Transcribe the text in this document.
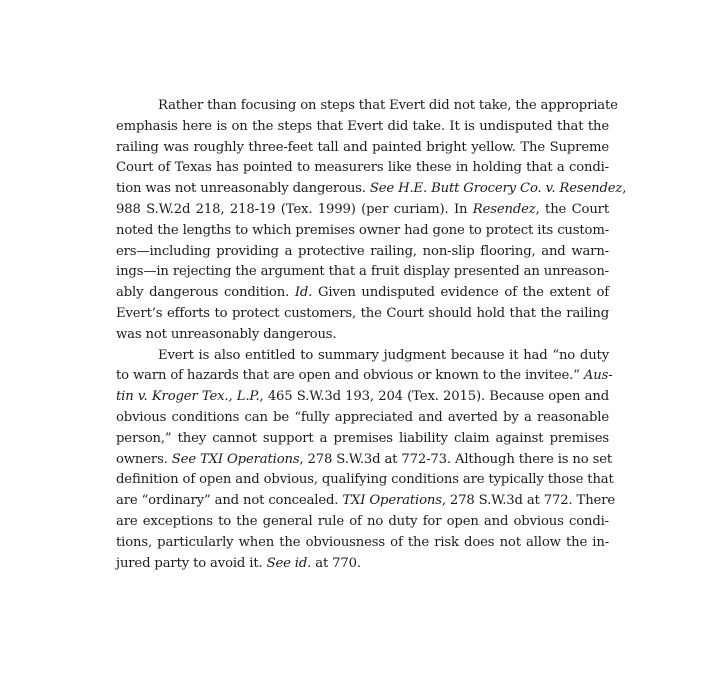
Rather than focusing on steps that Evert did not take, the appropriate
emphasis here is on the steps that Evert did take. It is undisputed that the
railing was roughly three-feet tall and painted bright yellow. The Supreme
Court of Texas has pointed to measurers like these in holding that a condi-
tion was not unreasonably dangerous. See H.E. Butt Grocery Co. v. Resendez,
988 S.W.2d 218, 218-19 (Tex. 1999) (per curiam). In Resendez, the Court
noted the lengths to which premises owner had gone to protect its custom-
ers—including providing a protective railing, non-slip flooring, and warn-
ings—in rejecting the argument that a fruit display presented an unreason-
ably dangerous condition. Id. Given undisputed evidence of the extent of
Evert’s efforts to protect customers, the Court should hold that the railing
was not unreasonably dangerous.
Evert is also entitled to summary judgment because it had “no duty
to warn of hazards that are open and obvious or known to the invitee.” Aus-
tin v. Kroger Tex., L.P., 465 S.W.3d 193, 204 (Tex. 2015). Because open and
obvious conditions can be “fully appreciated and averted by a reasonable
person,” they cannot support a premises liability claim against premises
owners. See TXI Operations, 278 S.W.3d at 772-73. Although there is no set
definition of open and obvious, qualifying conditions are typically those that
are “ordinary” and not concealed. TXI Operations, 278 S.W.3d at 772. There
are exceptions to the general rule of no duty for open and obvious condi-
tions, particularly when the obviousness of the risk does not allow the in-
jured party to avoid it. See id. at 770.
